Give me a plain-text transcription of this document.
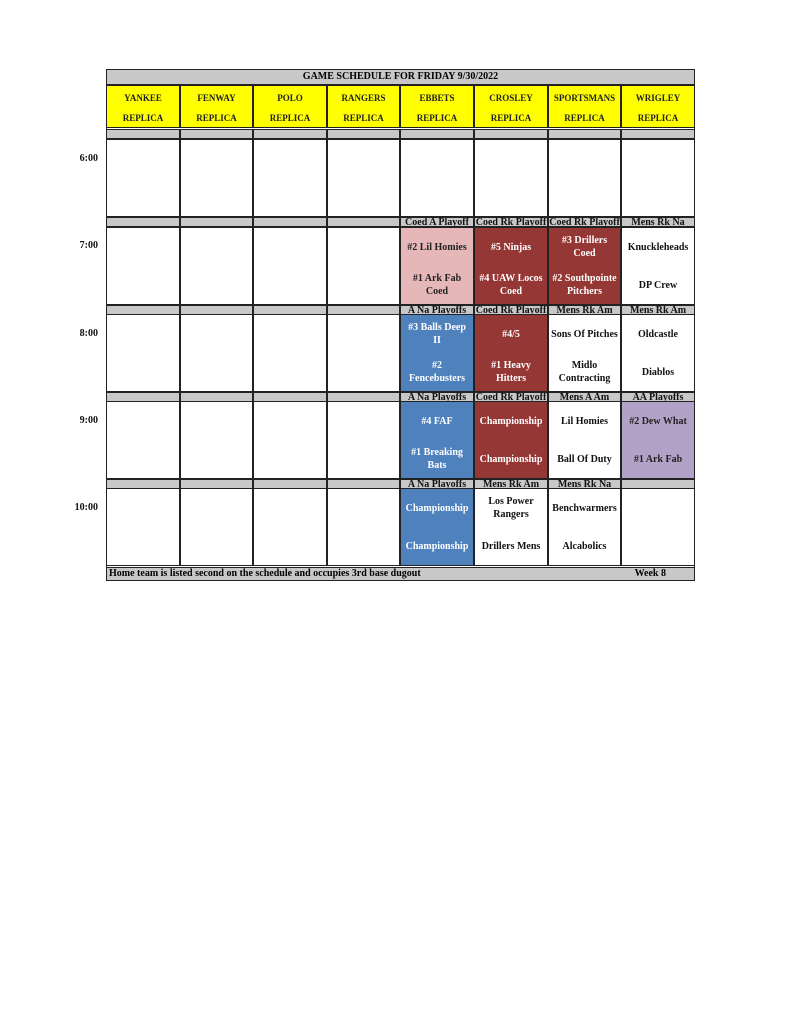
GAME SCHEDULE FOR FRIDAY 9/30/2022
YANKEE
REPLICA
FENWAY
REPLICA
POLO
REPLICA
RANGERS
REPLICA
EBBETS
REPLICA
CROSLEY
REPLICA
SPORTSMANS
REPLICA
WRIGLEY
REPLICA
6:00
7:00
Coed A Playoff
#2 Lil Homies
#1 Ark Fab Coed
Coed Rk Playoff
#5 Ninjas
#4 UAW Locos Coed
Coed Rk Playoff
#3 Drillers Coed
#2 Southpointe Pitchers
Mens Rk Na
Knuckleheads
DP Crew
8:00
A Na Playoffs
#3 Balls Deep II
#2 Fencebusters
Coed Rk Playoff
#4/5
#1 Heavy Hitters
Mens Rk Am
Sons Of Pitches
Midlo Contracting
Mens Rk Am
Oldcastle
Diablos
9:00
A Na Playoffs
#4 FAF
#1 Breaking Bats
Coed Rk Playoff
Championship
Championship
Mens A Am
Lil Homies
Ball Of Duty
AA Playoffs
#2 Dew What
#1 Ark Fab
10:00
A Na Playoffs
Championship
Championship
Mens Rk Am
Los Power Rangers
Drillers Mens
Mens Rk Na
Benchwarmers
Alcabolics
Home team is listed second on the schedule and occupies 3rd base dugout	Week 8
